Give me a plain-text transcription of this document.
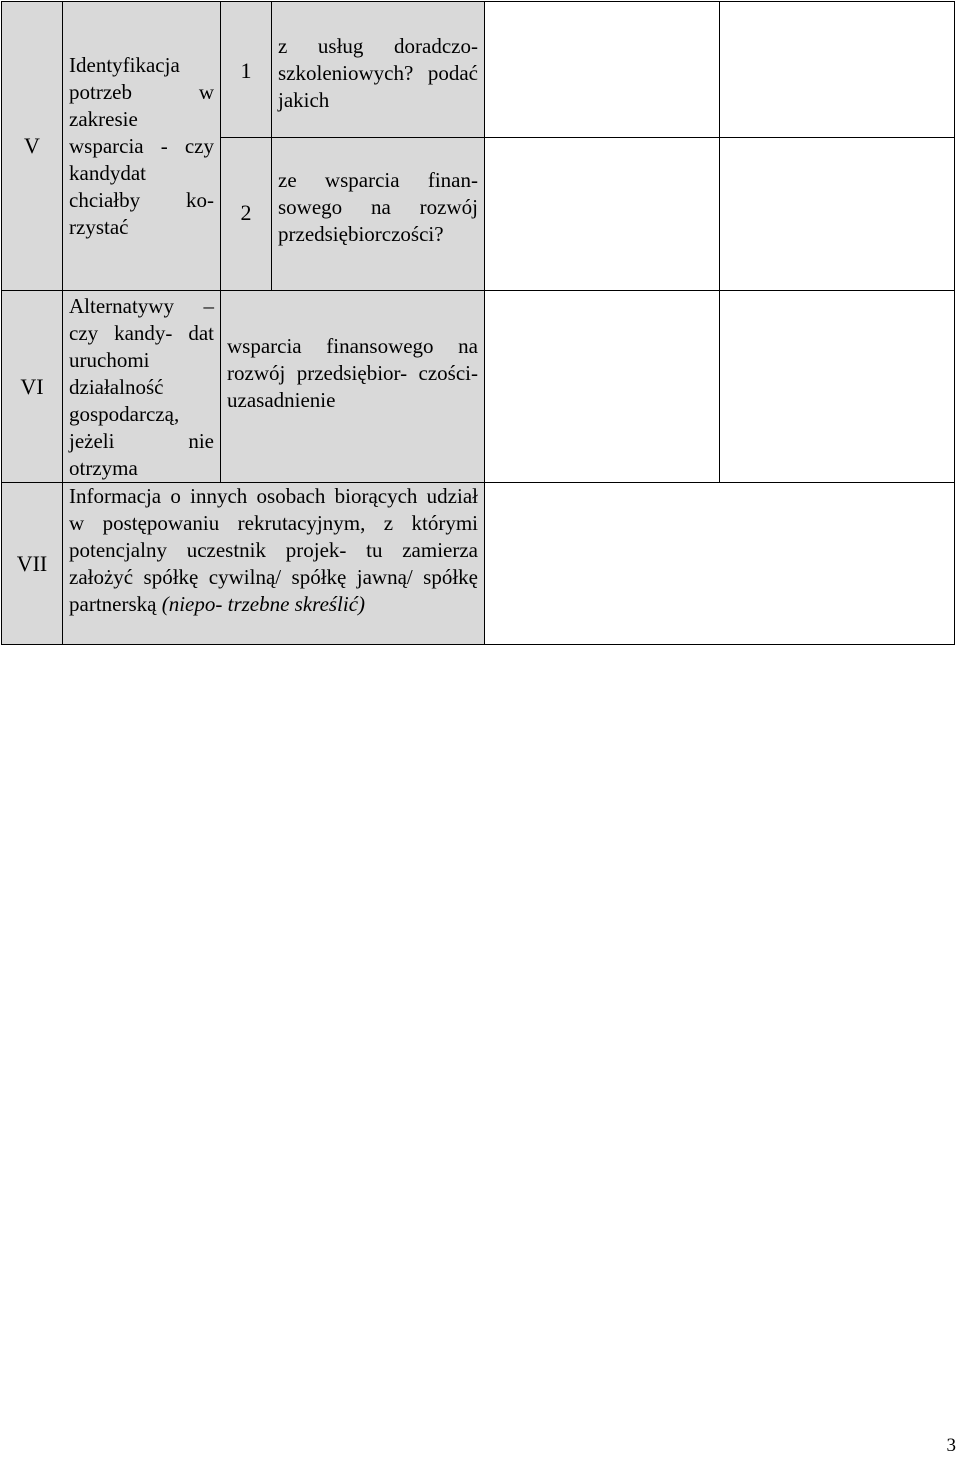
V
Identyfikacja potrzeb w zakresie wsparcia - czy kandydat chciałby ko- rzystać
1
2
z usług doradczo- szkoleniowych? podać jakich
ze wsparcia finan- sowego na rozwój przedsiębiorczości?
VI
Alternatywy – czy kandy- dat uruchomi działalność gospodarczą, jeżeli nie otrzyma
wsparcia finansowego na rozwój przedsiębior- czości- uzasadnienie
VII
Informacja o innych osobach biorących udział w postępowaniu rekrutacyjnym, z którymi potencjalny uczestnik projek- tu zamierza założyć spółkę cywilną/ spółkę jawną/ spółkę partnerską (niepo- trzebne skreślić)
3
